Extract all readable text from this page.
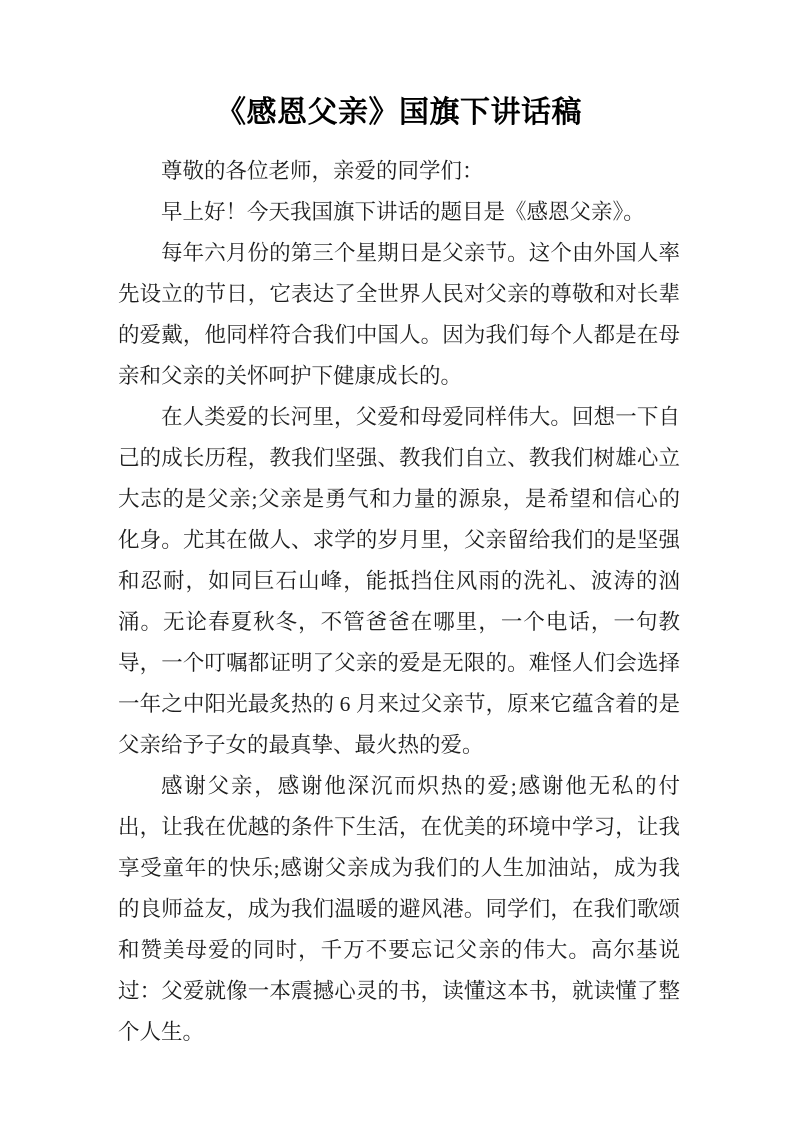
《感恩父亲》国旗下讲话稿

尊敬的各位老师，亲爱的同学们：

早上好！今天我国旗下讲话的题目是《感恩父亲》。

每年六月份的第三个星期日是父亲节。这个由外国人率先设立的节日，它表达了全世界人民对父亲的尊敬和对长辈的爱戴，他同样符合我们中国人。因为我们每个人都是在母亲和父亲的关怀呵护下健康成长的。

在人类爱的长河里，父爱和母爱同样伟大。回想一下自己的成长历程，教我们坚强、教我们自立、教我们树雄心立大志的是父亲;父亲是勇气和力量的源泉，是希望和信心的化身。尤其在做人、求学的岁月里，父亲留给我们的是坚强和忍耐，如同巨石山峰，能抵挡住风雨的洗礼、波涛的汹涌。无论春夏秋冬，不管爸爸在哪里，一个电话，一句教导，一个叮嘱都证明了父亲的爱是无限的。难怪人们会选择一年之中阳光最炙热的 6 月来过父亲节，原来它蕴含着的是父亲给予子女的最真挚、最火热的爱。

感谢父亲，感谢他深沉而炽热的爱;感谢他无私的付出，让我在优越的条件下生活，在优美的环境中学习，让我享受童年的快乐;感谢父亲成为我们的人生加油站，成为我的良师益友，成为我们温暖的避风港。同学们，在我们歌颂和赞美母爱的同时，千万不要忘记父亲的伟大。高尔基说过：父爱就像一本震撼心灵的书，读懂这本书，就读懂了整个人生。
